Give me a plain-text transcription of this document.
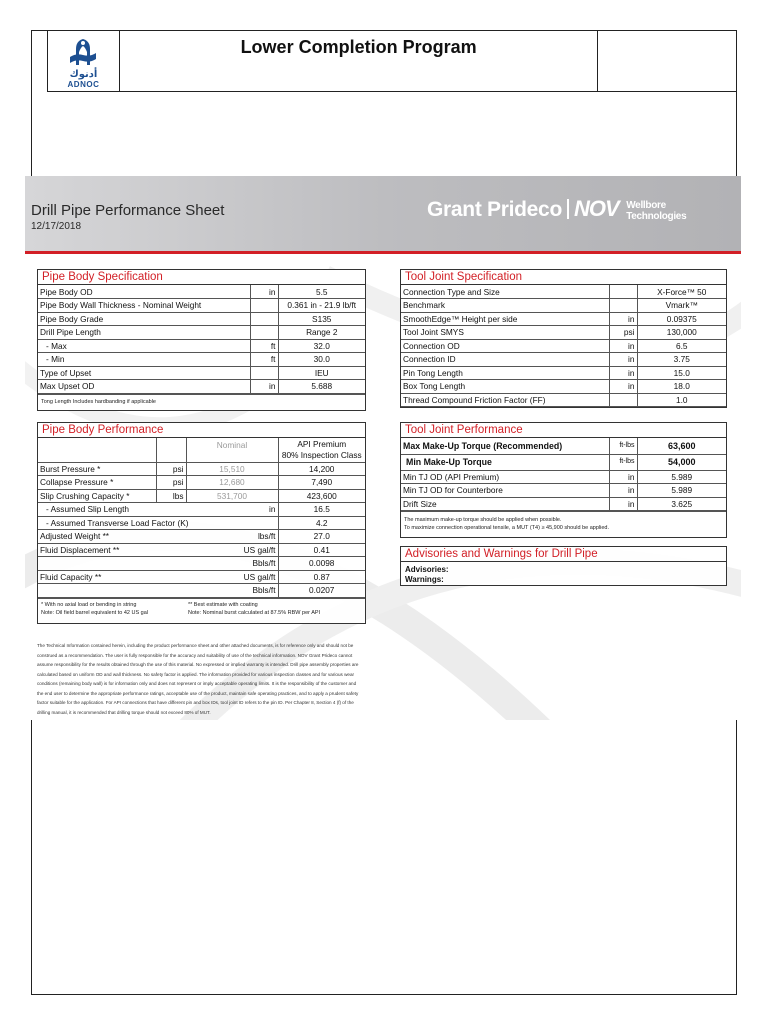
أدنوك
ADNOC
	Lower Completion Program	
Drill Pipe Performance Sheet
12/17/2018
Grant Prideco NOV Wellbore
Technologies
Pipe Body Specification
Pipe Body OD	in	5.5
Pipe Body Wall Thickness - Nominal Weight		0.361 in - 21.9 lb/ft
Pipe Body Grade		S135
Drill Pipe Length		Range 2
- Max	ft	32.0
- Min	ft	30.0
Type of Upset		IEU
Max Upset OD	in	5.688
Tong Length Includes hardbanding if applicable
Pipe Body Performance
		Nominal	API Premium
80% Inspection Class
Burst Pressure *	psi	15,510	14,200
Collapse Pressure *	psi	12,680	7,490
Slip Crushing Capacity *	lbs	531,700	423,600
- Assumed Slip Length in			16.5
- Assumed Transverse Load Factor (K)			4.2
Adjusted Weight ** lbs/ft			27.0
Fluid Displacement ** US gal/ft			0.41
Bbls/ft			0.0098
Fluid Capacity ** US gal/ft			0.87
Bbls/ft			0.0207
* With no axial load or bending in string	** Best estimate with coating
Note: Oil field barrel equivalent to 42 US gal	Note: Nominal burst calculated at 87.5% RBW per API
Tool Joint Specification
Connection Type and Size		X-Force™ 50
Benchmark		Vmark™
SmoothEdge™ Height per side	in	0.09375
Tool Joint SMYS	psi	130,000
Connection OD	in	6.5
Connection ID	in	3.75
Pin Tong Length	in	15.0
Box Tong Length	in	18.0
Thread Compound Friction Factor (FF)		1.0
Tool Joint Performance
Max Make-Up Torque (Recommended)	ft-lbs	63,600
Min Make-Up Torque	ft-lbs	54,000
Min TJ OD (API Premium)	in	5.989
Min TJ OD for Counterbore	in	5.989
Drift Size	in	3.625
The maximum make-up torque should be applied when possible.
To maximize connection operational tensile, a MUT (T4) ≥ 45,900 should be applied.
Advisories and Warnings for Drill Pipe
Advisories:
Warnings:
The Technical Information contained herein, including the product performance sheet and other attached documents, is for reference only and should not be construed as a recommendation. The user is fully responsible for the accuracy and suitability of use of the technical information. NOV Grant Prideco cannot assume responsibility for the results obtained through the use of this material. No expressed or implied warranty is intended. Drill pipe assembly properties are calculated based on uniform OD and wall thickness. No safety factor is applied. The information provided for various inspection classes and for various wear conditions (remaining body wall) is for information only and does not represent or imply acceptable operating limits. It is the responsibility of the customer and the end user to determine the appropriate performance ratings, acceptable use of the product, maintain safe operating practices, and to apply a prudent safety factor suitable for the application. For API connections that have different pin and box IDs, tool joint ID refers to the pin ID. Per Chapter 8, Section 4 (f) of the drilling manual, it is recommended that drilling torque should not exceed 80% of MUT.
